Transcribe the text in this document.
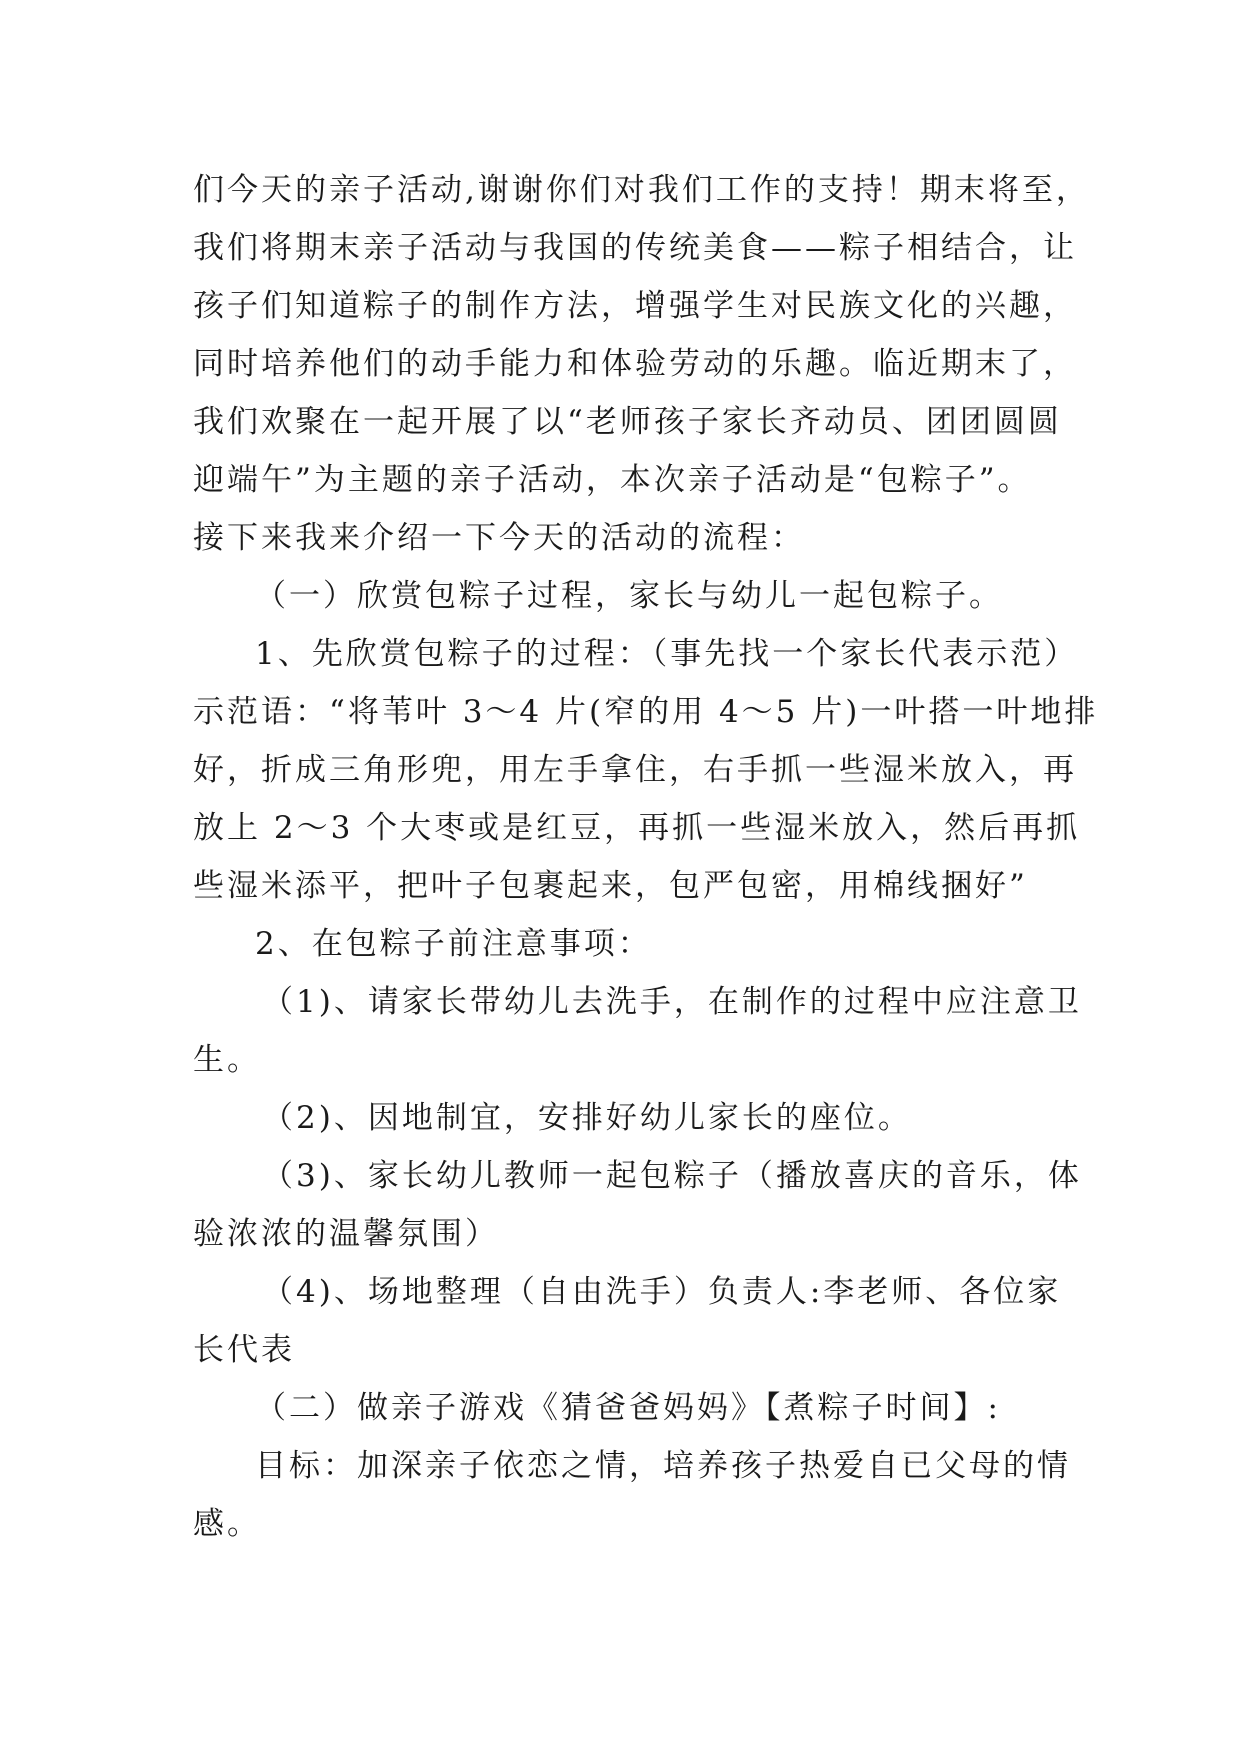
们今天的亲子活动,谢谢你们对我们工作的支持！期末将至，
我们将期末亲子活动与我国的传统美食——粽子相结合，让
孩子们知道粽子的制作方法，增强学生对民族文化的兴趣，
同时培养他们的动手能力和体验劳动的乐趣。临近期末了，
我们欢聚在一起开展了以“老师孩子家长齐动员、团团圆圆
迎端午”为主题的亲子活动，本次亲子活动是“包粽子”。
接下来我来介绍一下今天的活动的流程：
（一）欣赏包粽子过程，家长与幼儿一起包粽子。
1、先欣赏包粽子的过程：（事先找一个家长代表示范）
示范语：“将苇叶 3～4 片(窄的用 4～5 片)一叶搭一叶地排
好，折成三角形兜，用左手拿住，右手抓一些湿米放入，再
放上 2～3 个大枣或是红豆，再抓一些湿米放入，然后再抓
些湿米添平，把叶子包裹起来，包严包密，用棉线捆好”
2、在包粽子前注意事项：
（1)、请家长带幼儿去洗手，在制作的过程中应注意卫
生。
（2)、因地制宜，安排好幼儿家长的座位。
（3)、家长幼儿教师一起包粽子（播放喜庆的音乐，体
验浓浓的温馨氛围）
（4)、场地整理（自由洗手）负责人:李老师、各位家
长代表
（二）做亲子游戏《猜爸爸妈妈》【煮粽子时间】:
目标：加深亲子依恋之情，培养孩子热爱自已父母的情
感。
